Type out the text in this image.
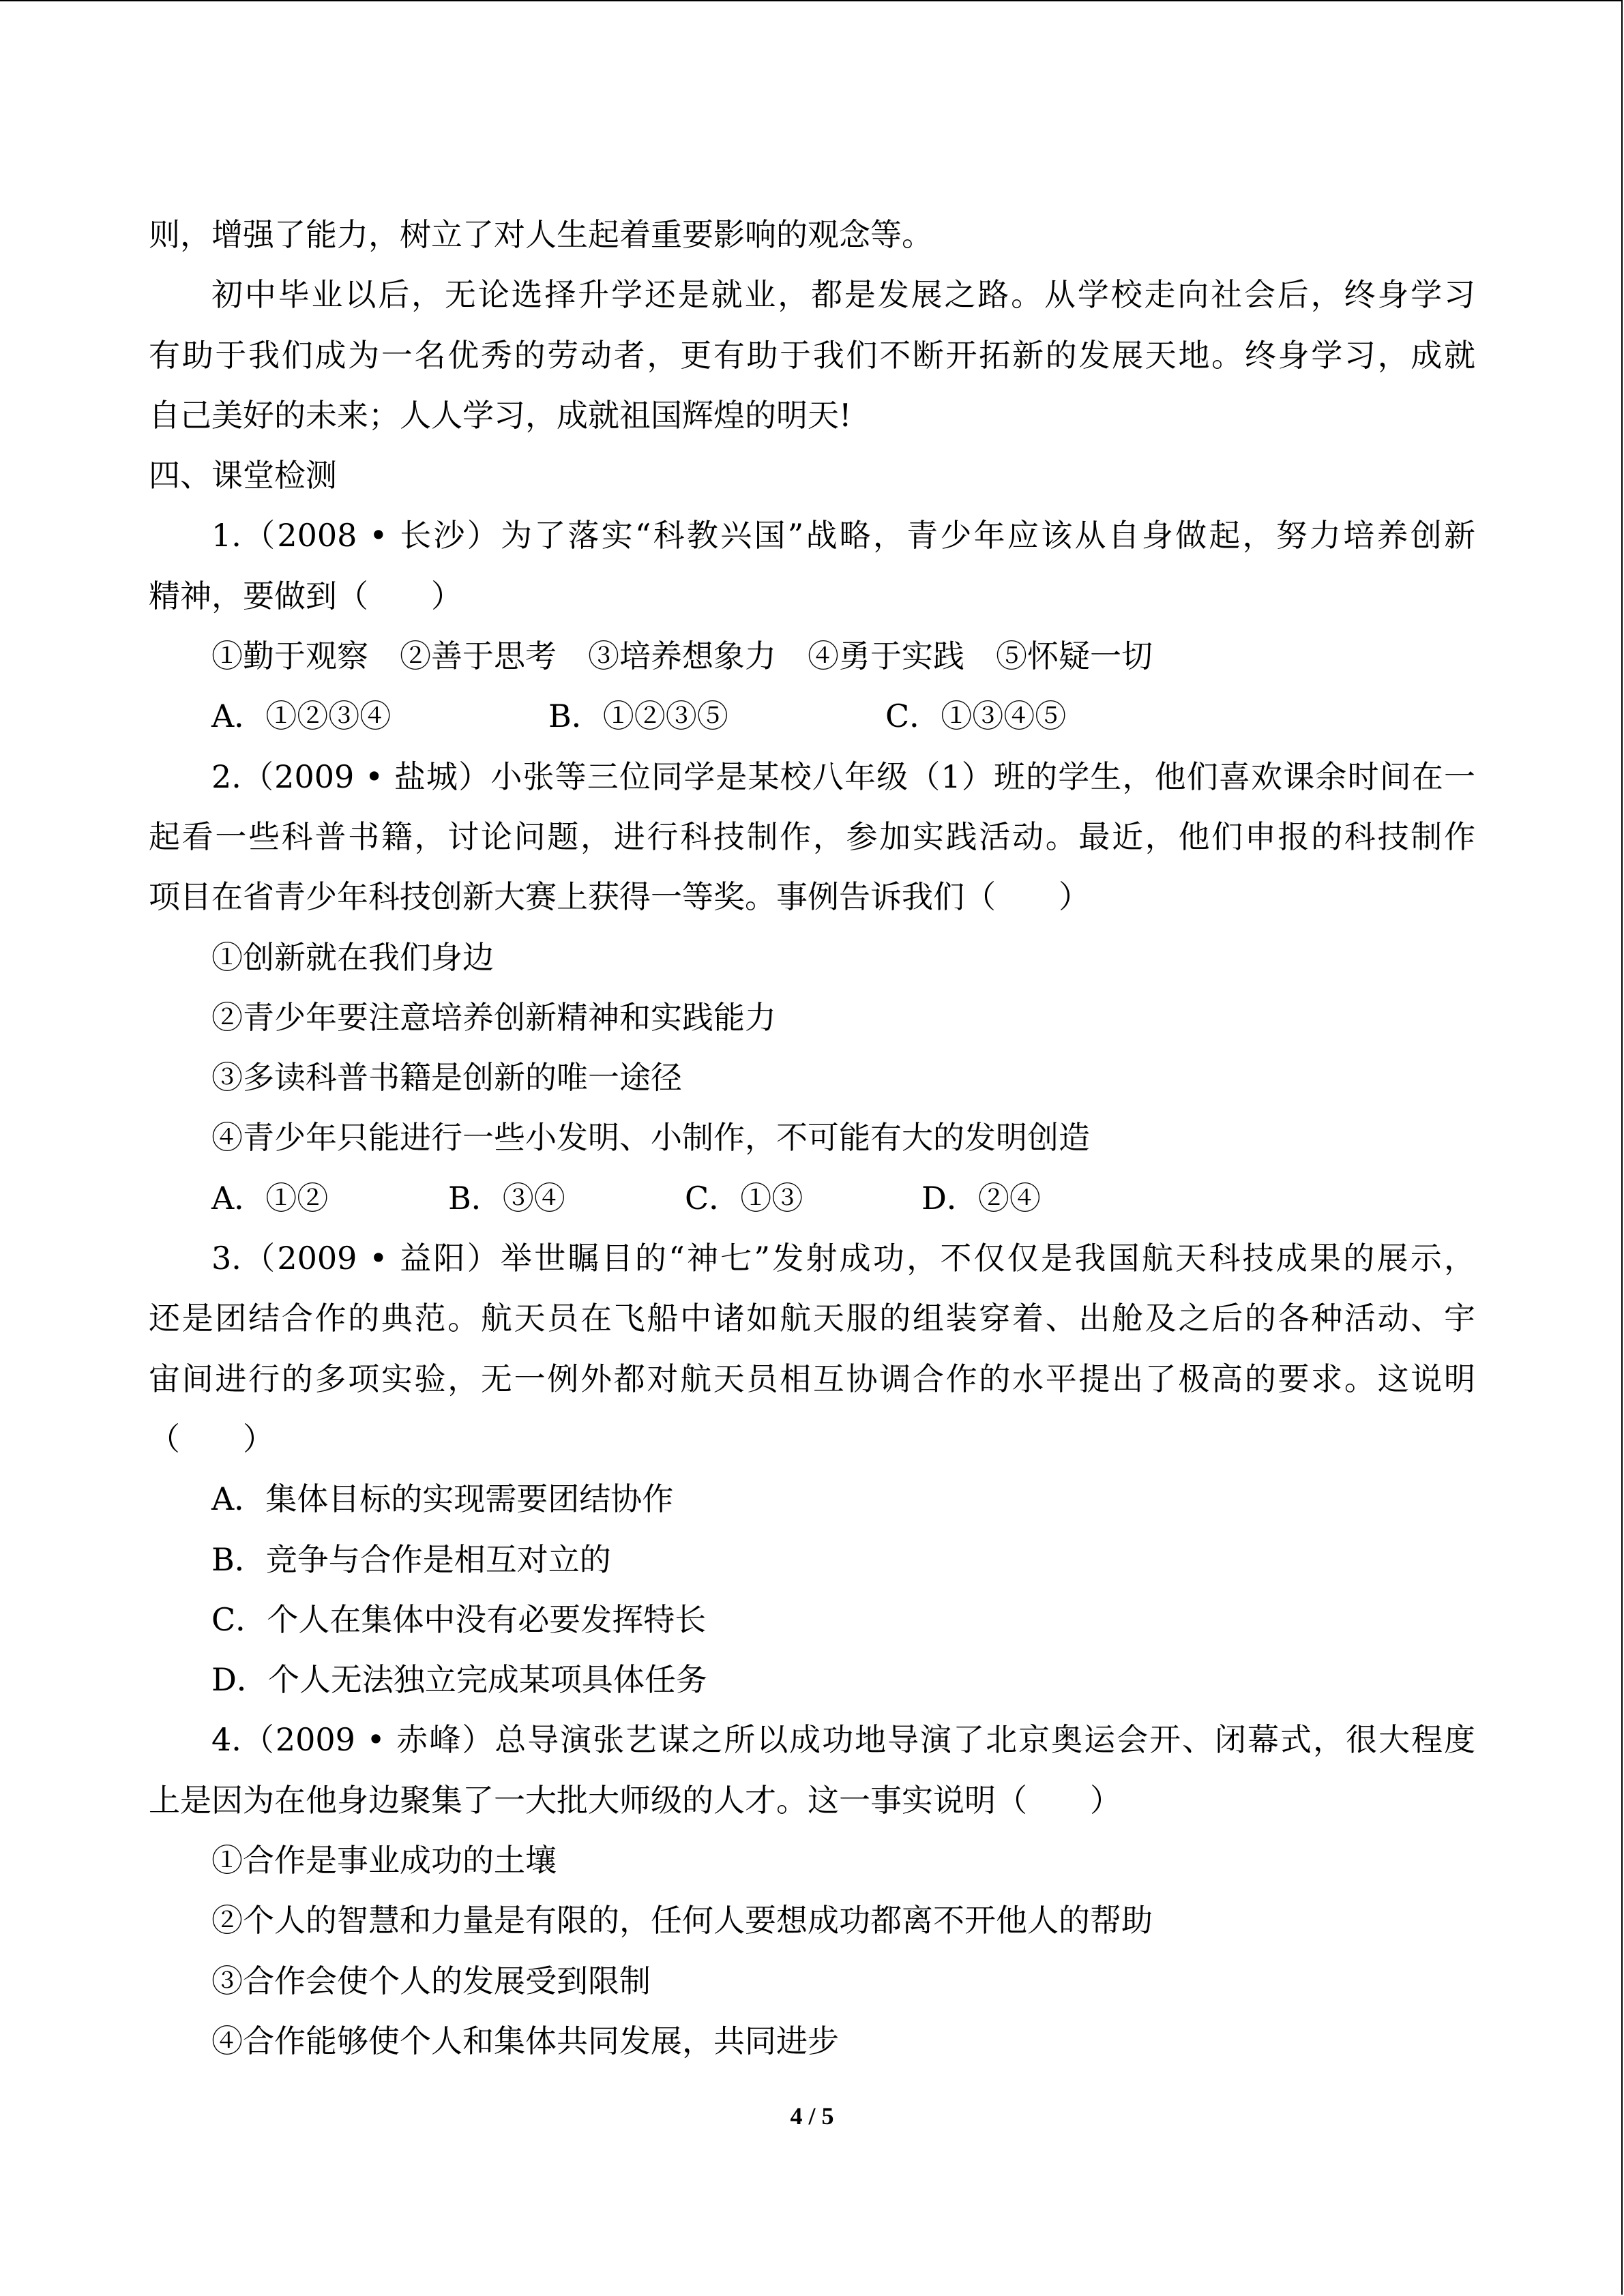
则，增强了能力，树立了对人生起着重要影响的观念等。
初中毕业以后，无论选择升学还是就业，都是发展之路。从学校走向社会后，终身学习
有助于我们成为一名优秀的劳动者，更有助于我们不断开拓新的发展天地。终身学习，成就
自己美好的未来；人人学习，成就祖国辉煌的明天!
四、课堂检测
1.（2008 • 长沙）为了落实“科教兴国”战略，青少年应该从自身做起，努力培养创新
精神，要做到（　　）
①勤于观察　②善于思考　③培养想象力　④勇于实践　⑤怀疑一切
A．①②③④	B．①②③⑤	C．①③④⑤
2.（2009 • 盐城）小张等三位同学是某校八年级（1）班的学生，他们喜欢课余时间在一
起看一些科普书籍，讨论问题，进行科技制作，参加实践活动。最近，他们申报的科技制作
项目在省青少年科技创新大赛上获得一等奖。事例告诉我们（　　）
①创新就在我们身边
②青少年要注意培养创新精神和实践能力
③多读科普书籍是创新的唯一途径
④青少年只能进行一些小发明、小制作，不可能有大的发明创造
A．①②	B．③④	C．①③	D．②④
3.（2009 • 益阳）举世瞩目的“神七”发射成功，不仅仅是我国航天科技成果的展示，
还是团结合作的典范。航天员在飞船中诸如航天服的组装穿着、出舱及之后的各种活动、宇
宙间进行的多项实验，无一例外都对航天员相互协调合作的水平提出了极高的要求。这说明
（　　）
A．集体目标的实现需要团结协作
B．竞争与合作是相互对立的
C．个人在集体中没有必要发挥特长
D．个人无法独立完成某项具体任务
4.（2009 • 赤峰）总导演张艺谋之所以成功地导演了北京奥运会开、闭幕式，很大程度
上是因为在他身边聚集了一大批大师级的人才。这一事实说明（　　）
①合作是事业成功的土壤
②个人的智慧和力量是有限的，任何人要想成功都离不开他人的帮助
③合作会使个人的发展受到限制
④合作能够使个人和集体共同发展，共同进步
4 / 5
